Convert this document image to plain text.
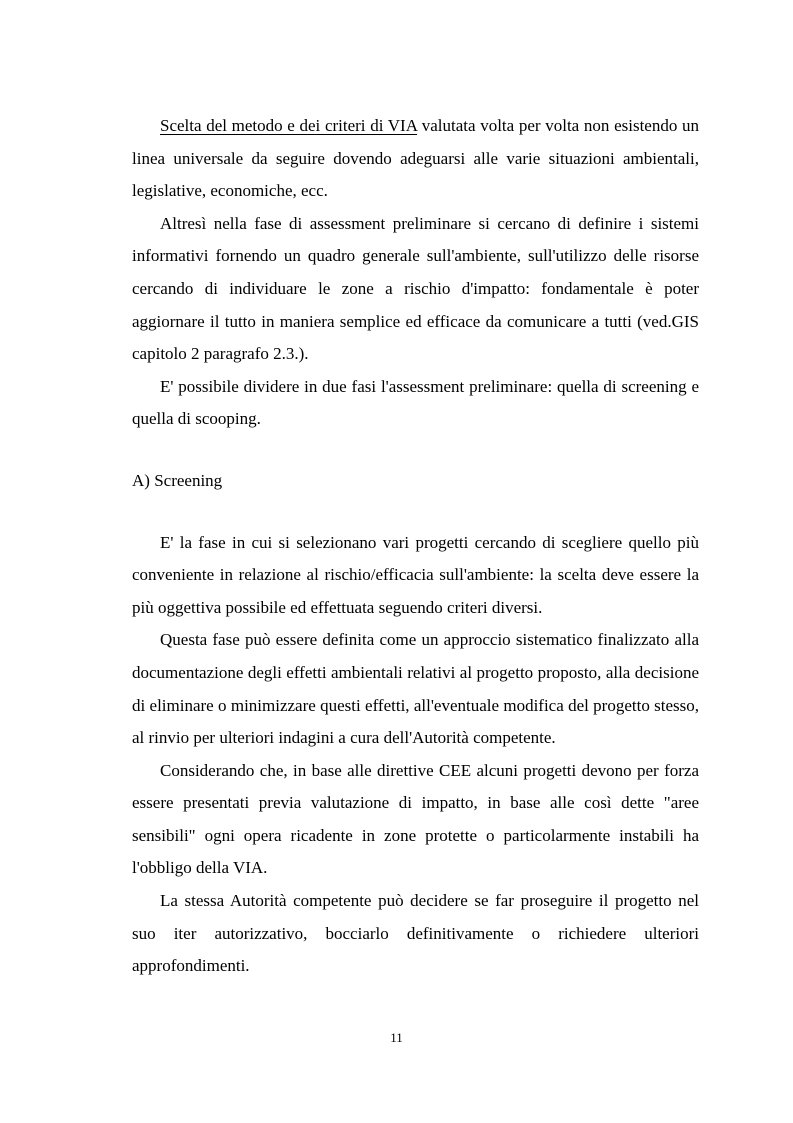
Scelta del metodo e dei criteri di VIA valutata volta per volta non esistendo un linea universale da seguire dovendo adeguarsi alle varie situazioni ambientali, legislative, economiche, ecc.

Altresì nella fase di assessment preliminare si cercano di definire i sistemi informativi fornendo un quadro generale sull'ambiente, sull'utilizzo delle risorse cercando di individuare le zone a rischio d'impatto: fondamentale è poter aggiornare il tutto in maniera semplice ed efficace da comunicare a tutti (ved.GIS capitolo 2 paragrafo 2.3.).

E' possibile dividere in due fasi l'assessment preliminare: quella di screening e quella di scooping.

A) Screening

E' la fase in cui si selezionano vari progetti cercando di scegliere quello più conveniente in relazione al rischio/efficacia sull'ambiente: la scelta deve essere la più oggettiva possibile ed effettuata seguendo criteri diversi.

Questa fase può essere definita come un approccio sistematico finalizzato alla documentazione degli effetti ambientali relativi al progetto proposto, alla decisione di eliminare o minimizzare questi effetti, all'eventuale modifica del progetto stesso, al rinvio per ulteriori indagini a cura dell'Autorità competente.

Considerando che, in base alle direttive CEE alcuni progetti devono per forza essere presentati previa valutazione di impatto, in base alle così dette "aree sensibili" ogni opera ricadente in zone protette o particolarmente instabili ha l'obbligo della VIA.

La stessa Autorità competente può decidere se far proseguire il progetto nel suo iter autorizzativo, bocciarlo definitivamente o richiedere ulteriori approfondimenti.

11
